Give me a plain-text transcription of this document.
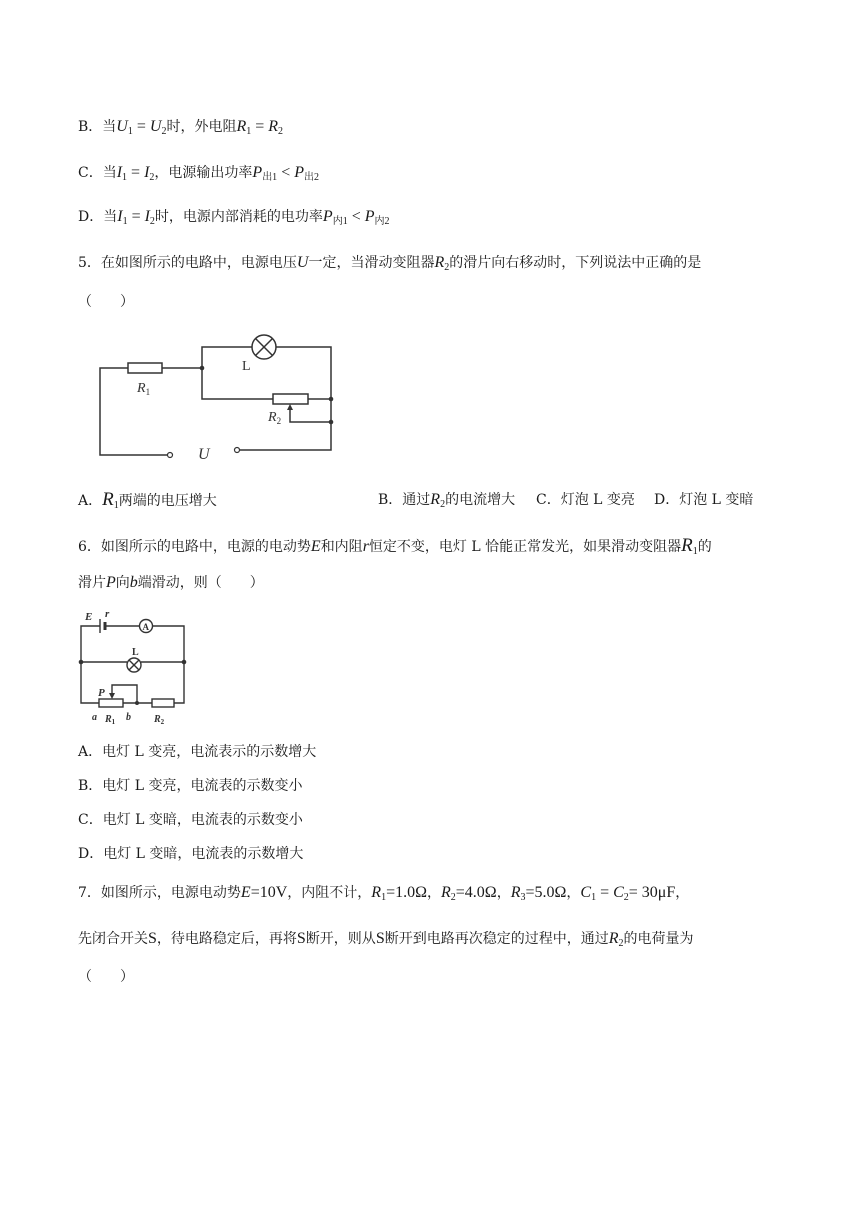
B．当$U_1 = U_2$时，外电阻$R_1 = R_2$
C．当$I_1 = I_2$，电源输出功率$P_{出1} < P_{出2}$
D．当$I_1 = I_2$时，电源内部消耗的电功率$P_{内1} < P_{内2}$
5．在如图所示的电路中，电源电压U一定，当滑动变阻器$R_2$的滑片向右移动时，下列说法中正确的是
（　　）
L
$R_1$
$R_2$
U
A．$R_1$两端的电压增大	B．通过$R_2$的电流增大 C．灯泡 L 变亮 D．灯泡 L 变暗
6．如图所示的电路中，电源的电动势E和内阻r恒定不变，电灯 L 恰能正常发光，如果滑动变阻器$R_1$的
滑片P向b端滑动，则（　　）
E r
A
L
P
a $R_1$ b $R_2$
A．电灯 L 变亮，电流表示的示数增大
B．电灯 L 变亮，电流表的示数变小
C．电灯 L 变暗，电流表的示数变小
D．电灯 L 变暗，电流表的示数增大
7．如图所示，电源电动势E=10V，内阻不计，$R_1=1.0\Omega$，$R_2=4.0\Omega$，$R_3=5.0\Omega$，$C_1 = C_2= 30\mu F$，
先闭合开关S，待电路稳定后，再将S断开，则从S断开到电路再次稳定的过程中，通过$R_2$的电荷量为
（　　）
